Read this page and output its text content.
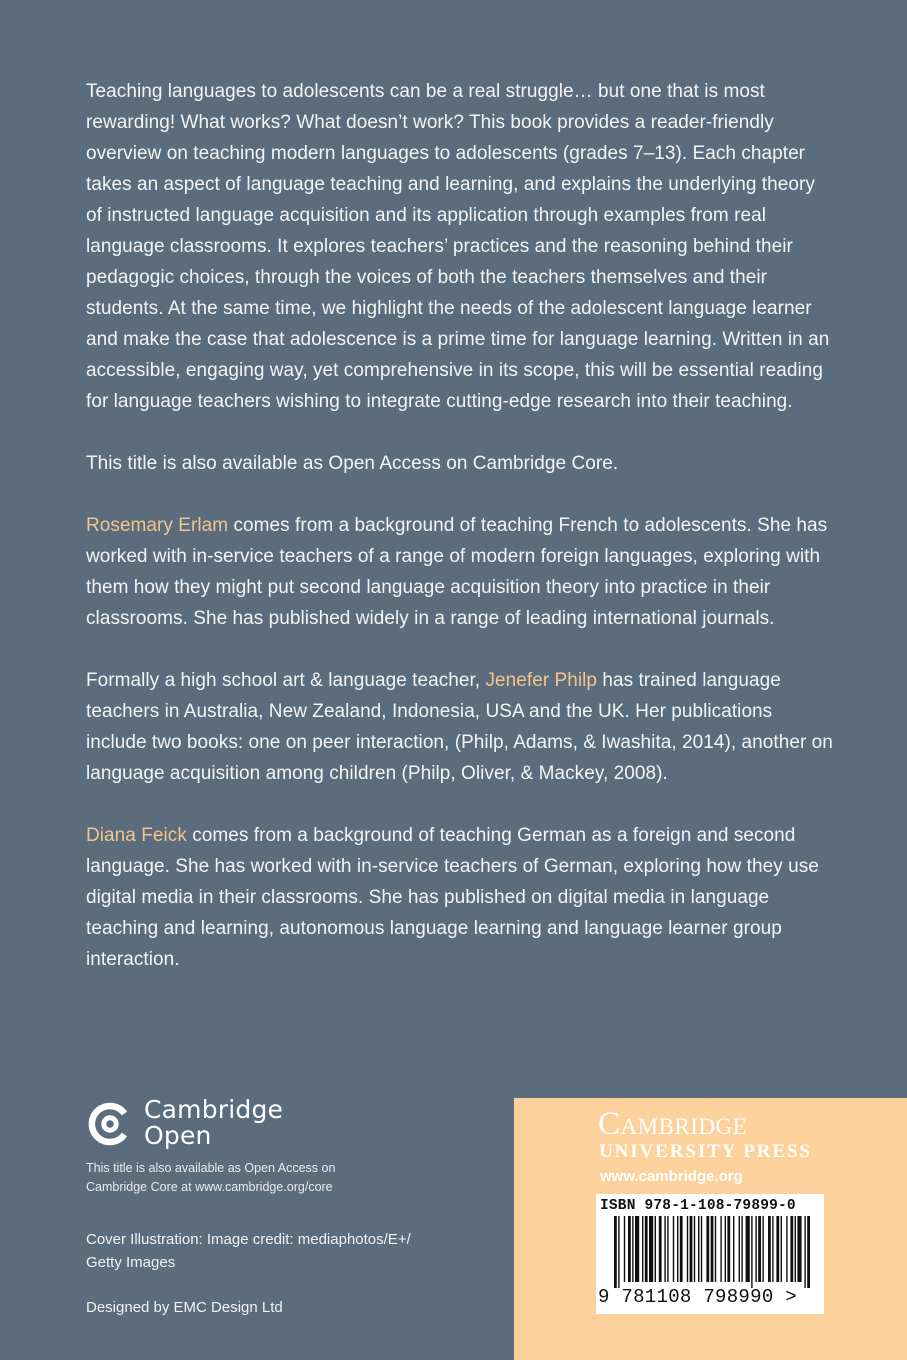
Teaching languages to adolescents can be a real struggle… but one that is most rewarding! What works? What doesn’t work? This book provides a reader-friendly overview on teaching modern languages to adolescents (grades 7–13). Each chapter takes an aspect of language teaching and learning, and explains the underlying theory of instructed language acquisition and its application through examples from real language classrooms. It explores teachers’ practices and the reasoning behind their pedagogic choices, through the voices of both the teachers themselves and their students. At the same time, we highlight the needs of the adolescent language learner and make the case that adolescence is a prime time for language learning. Written in an accessible, engaging way, yet comprehensive in its scope, this will be essential reading for language teachers wishing to integrate cutting-edge research into their teaching.

This title is also available as Open Access on Cambridge Core.

Rosemary Erlam comes from a background of teaching French to adolescents. She has worked with in-service teachers of a range of modern foreign languages, exploring with them how they might put second language acquisition theory into practice in their classrooms. She has published widely in a range of leading international journals.

Formally a high school art & language teacher, Jenefer Philp has trained language teachers in Australia, New Zealand, Indonesia, USA and the UK. Her publications include two books: one on peer interaction, (Philp, Adams, & Iwashita, 2014), another on language acquisition among children (Philp, Oliver, & Mackey, 2008).

Diana Feick comes from a background of teaching German as a foreign and second language. She has worked with in-service teachers of German, exploring how they use digital media in their classrooms. She has published on digital media in language teaching and learning, autonomous language learning and language learner group interaction.

Cambridge
Open
This title is also available as Open Access on
Cambridge Core at www.cambridge.org/core
Cover Illustration: Image credit: mediaphotos/E+/
Getty Images
Designed by EMC Design Ltd
Cambridge
UNIVERSITY PRESS
www.cambridge.org
ISBN 978-1-108-79899-0
9 781108 798990 >
